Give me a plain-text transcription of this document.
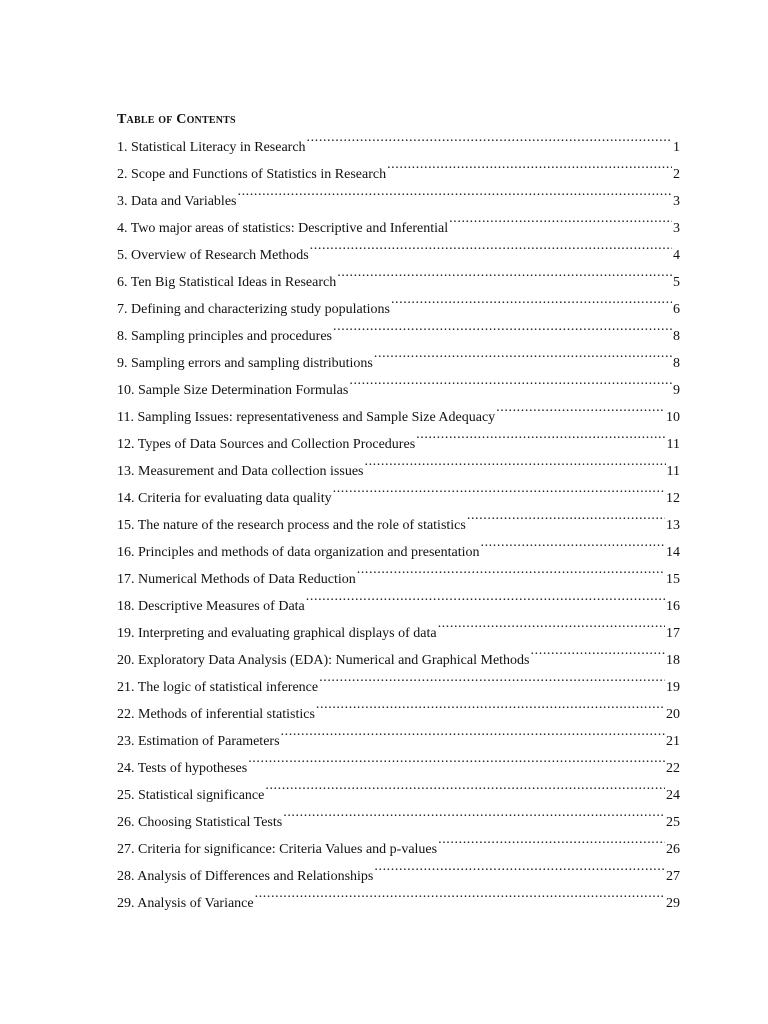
Table of Contents
1. Statistical Literacy in Research .....	1
2. Scope and Functions of Statistics in Research .....	2
3. Data and Variables .....	3
4. Two major areas of statistics: Descriptive and Inferential .....	3
5. Overview of Research Methods .....	4
6. Ten Big Statistical Ideas in Research .....	5
7. Defining and characterizing study populations .....	6
8. Sampling principles and procedures .....	8
9. Sampling errors and sampling distributions .....	8
10. Sample Size Determination Formulas .....	9
11. Sampling Issues: representativeness and Sample Size Adequacy .....	10
12. Types of Data Sources and Collection Procedures .....	11
13. Measurement and Data collection issues .....	11
14. Criteria for evaluating data quality .....	12
15. The nature of the research process and the role of statistics .....	13
16. Principles and methods of data organization and presentation .....	14
17. Numerical Methods of Data Reduction .....	15
18. Descriptive Measures of Data .....	16
19. Interpreting and evaluating graphical displays of data .....	17
20. Exploratory Data Analysis (EDA): Numerical and Graphical Methods .....	18
21. The logic of statistical inference .....	19
22. Methods of inferential statistics .....	20
23. Estimation of Parameters .....	21
24. Tests of hypotheses .....	22
25. Statistical significance .....	24
26. Choosing Statistical Tests .....	25
27. Criteria for significance: Criteria Values and p-values .....	26
28. Analysis of Differences and Relationships .....	27
29. Analysis of Variance .....	29
